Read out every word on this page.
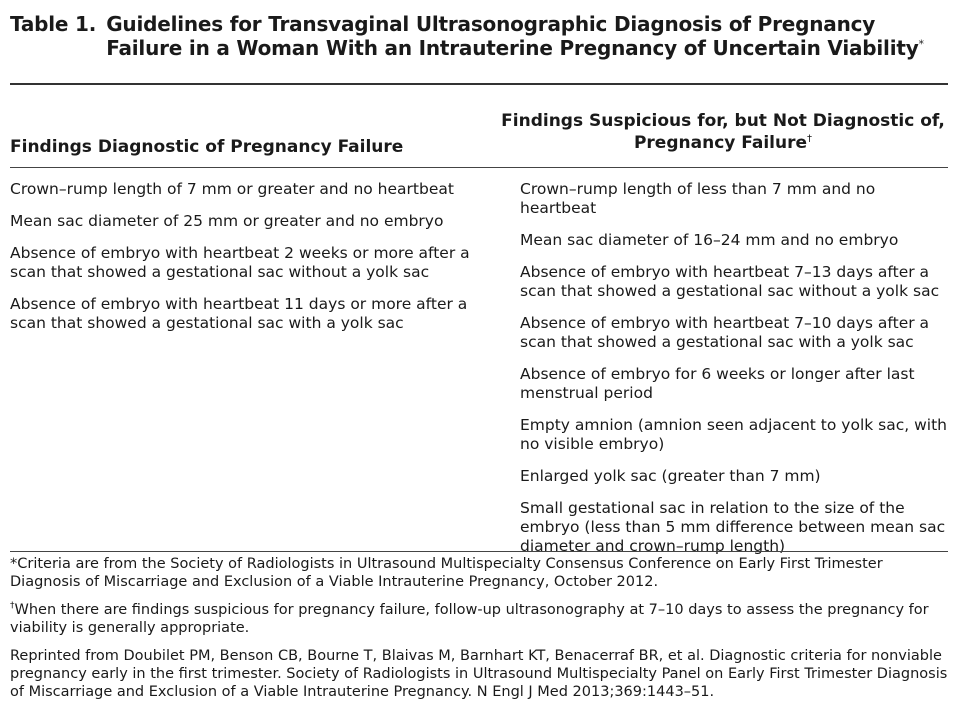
Table 1. Guidelines for Transvaginal Ultrasonographic Diagnosis of Pregnancy Failure in a Woman With an Intrauterine Pregnancy of Uncertain Viability*
Findings Diagnostic of Pregnancy Failure
Findings Suspicious for, but Not Diagnostic of, Pregnancy Failure†
Crown–rump length of 7 mm or greater and no heartbeat
Mean sac diameter of 25 mm or greater and no embryo
Absence of embryo with heartbeat 2 weeks or more after a scan that showed a gestational sac without a yolk sac
Absence of embryo with heartbeat 11 days or more after a scan that showed a gestational sac with a yolk sac
Crown–rump length of less than 7 mm and no heartbeat
Mean sac diameter of 16–24 mm and no embryo
Absence of embryo with heartbeat 7–13 days after a scan that showed a gestational sac without a yolk sac
Absence of embryo with heartbeat 7–10 days after a scan that showed a gestational sac with a yolk sac
Absence of embryo for 6 weeks or longer after last menstrual period
Empty amnion (amnion seen adjacent to yolk sac, with no visible embryo)
Enlarged yolk sac (greater than 7 mm)
Small gestational sac in relation to the size of the embryo (less than 5 mm difference between mean sac diameter and crown–rump length)
*Criteria are from the Society of Radiologists in Ultrasound Multispecialty Consensus Conference on Early First Trimester Diagnosis of Miscarriage and Exclusion of a Viable Intrauterine Pregnancy, October 2012.
†When there are findings suspicious for pregnancy failure, follow-up ultrasonography at 7–10 days to assess the pregnancy for viability is generally appropriate.
Reprinted from Doubilet PM, Benson CB, Bourne T, Blaivas M, Barnhart KT, Benacerraf BR, et al. Diagnostic criteria for nonviable pregnancy early in the first trimester. Society of Radiologists in Ultrasound Multispecialty Panel on Early First Trimester Diagnosis of Miscarriage and Exclusion of a Viable Intrauterine Pregnancy. N Engl J Med 2013;369:1443–51.
